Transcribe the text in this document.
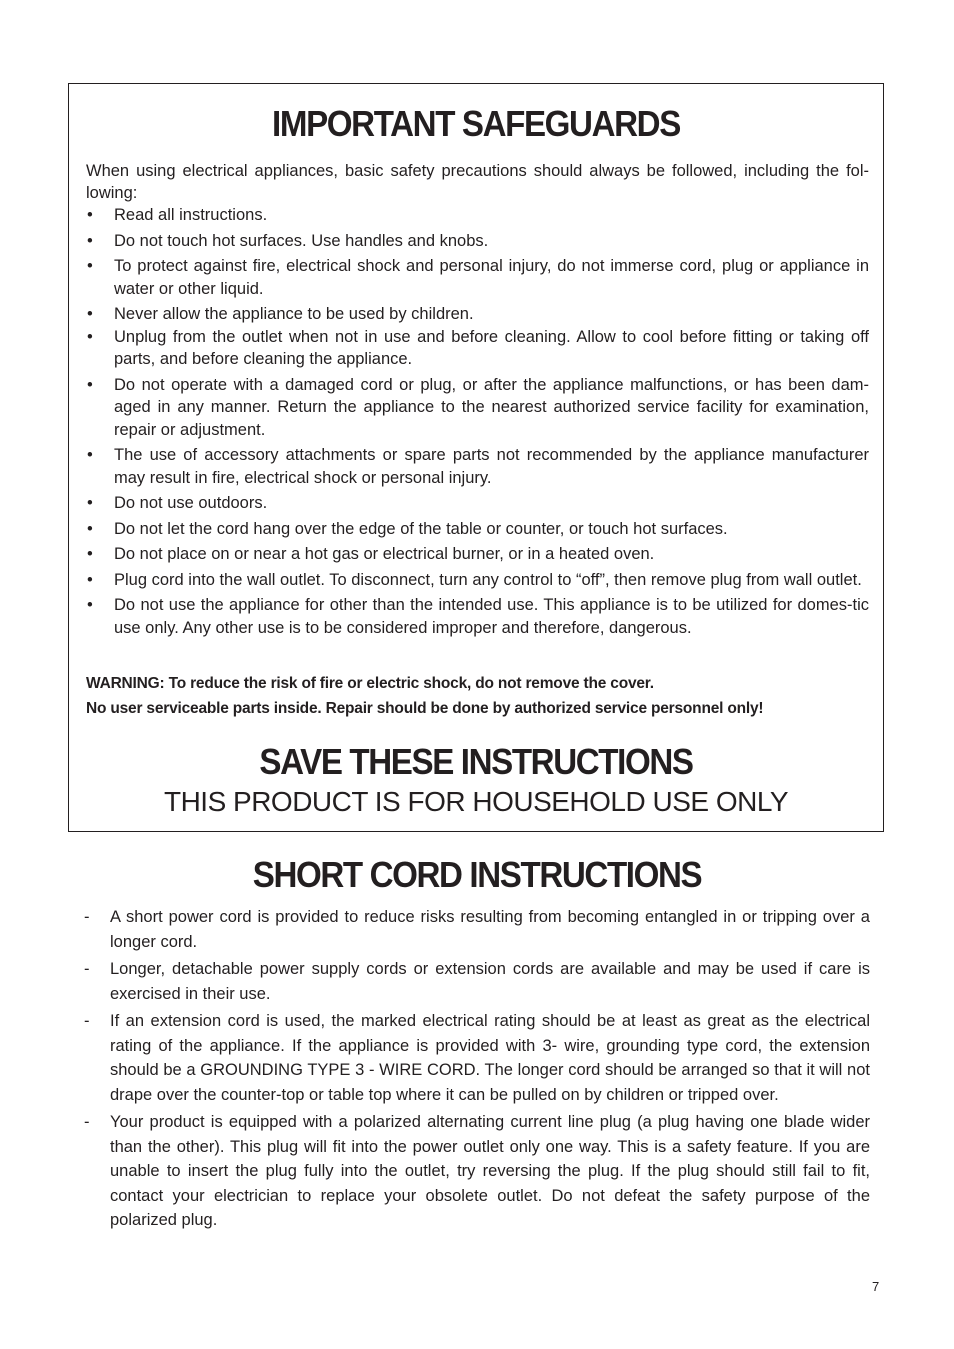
IMPORTANT SAFEGUARDS

When using electrical appliances, basic safety precautions should always be followed, including the fol-lowing:

• Read all instructions.
• Do not touch hot surfaces. Use handles and knobs.
• To protect against fire, electrical shock and personal injury, do not immerse cord, plug or appliance in water or other liquid.
• Never allow the appliance to be used by children.
• Unplug from the outlet when not in use and before cleaning. Allow to cool before fitting or taking off parts, and before cleaning the appliance.
• Do not operate with a damaged cord or plug, or after the appliance malfunctions, or has been dam-aged in any manner. Return the appliance to the nearest authorized service facility for examination, repair or adjustment.
• The use of accessory attachments or spare parts not recommended by the appliance manufacturer may result in fire, electrical shock or personal injury.
• Do not use outdoors.
• Do not let the cord hang over the edge of the table or counter, or touch hot surfaces.
• Do not place on or near a hot gas or electrical burner, or in a heated oven.
• Plug cord into the wall outlet. To disconnect, turn any control to “off”, then remove plug from wall outlet.
• Do not use the appliance for other than the intended use. This appliance is to be utilized for domes-tic use only. Any other use is to be considered improper and therefore, dangerous.

WARNING: To reduce the risk of fire or electric shock, do not remove the cover.

No user serviceable parts inside. Repair should be done by authorized service personnel only!

SAVE THESE INSTRUCTIONS

THIS PRODUCT IS FOR HOUSEHOLD USE ONLY

SHORT CORD INSTRUCTIONS
- A short power cord is provided to reduce risks resulting from becoming entangled in or tripping over a longer cord.
- Longer, detachable power supply cords or extension cords are available and may be used if care is exercised in their use.
- If an extension cord is used, the marked electrical rating should be at least as great as the electrical rating of the appliance. If the appliance is provided with 3- wire, grounding type cord, the extension should be a GROUNDING TYPE 3 - WIRE CORD. The longer cord should be arranged so that it will not drape over the counter-top or table top where it can be pulled on by children or tripped over.
- Your product is equipped with a polarized alternating current line plug (a plug having one blade wider than the other). This plug will fit into the power outlet only one way. This is a safety feature. If you are unable to insert the plug fully into the outlet, try reversing the plug. If the plug should still fail to fit, contact your electrician to replace your obsolete outlet. Do not defeat the safety purpose of the polarized plug.
7
